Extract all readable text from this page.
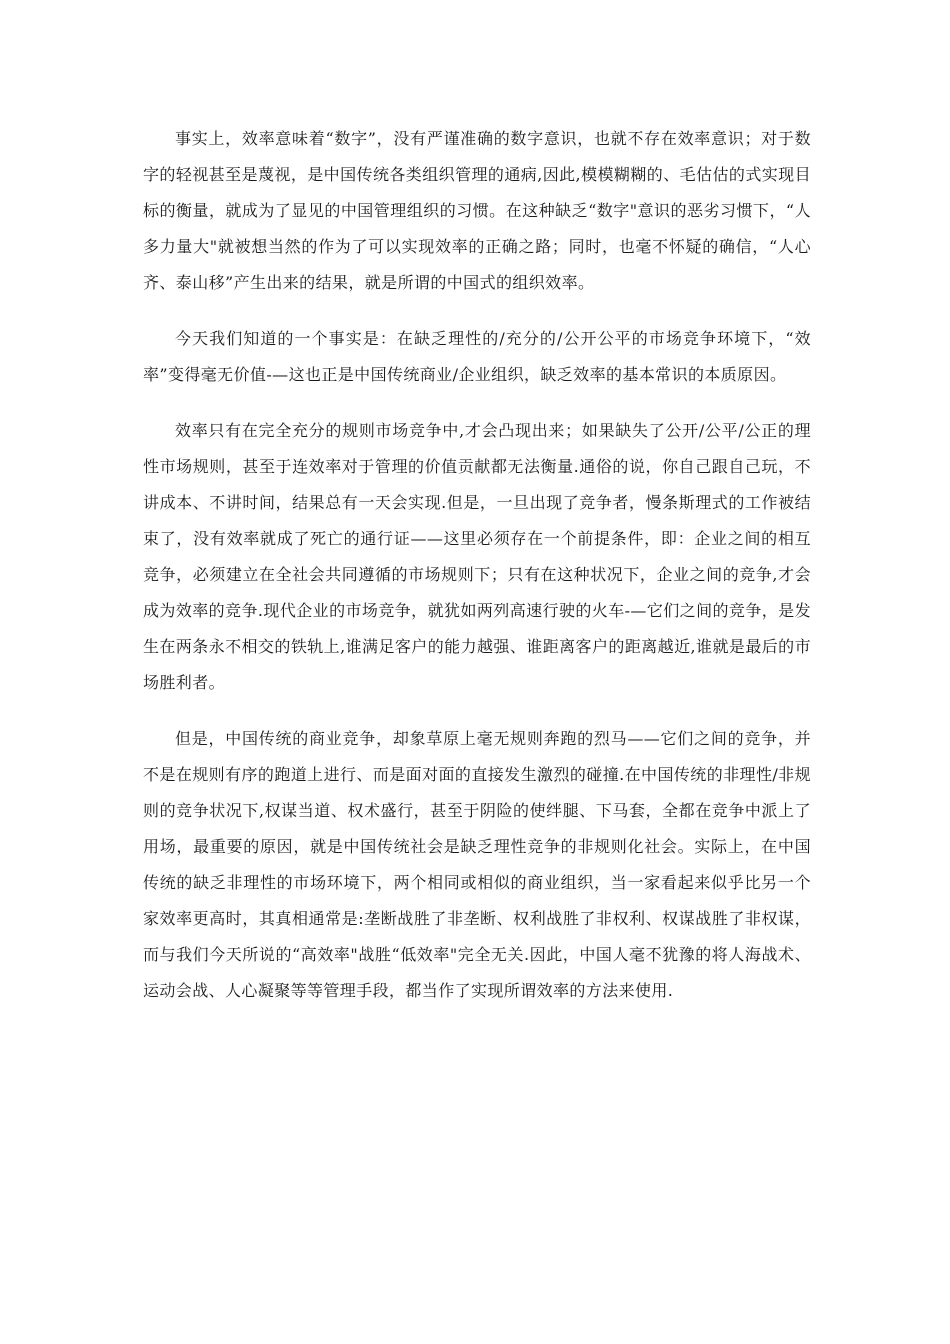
事实上，效率意味着“数字”，没有严谨准确的数字意识，也就不存在效率意识；对于数字的轻视甚至是蔑视，是中国传统各类组织管理的通病,因此,模模糊糊的、毛估估的式实现目标的衡量，就成为了显见的中国管理组织的习惯。在这种缺乏“数字"意识的恶劣习惯下，“人多力量大"就被想当然的作为了可以实现效率的正确之路；同时，也毫不怀疑的确信，“人心齐、泰山移”产生出来的结果，就是所谓的中国式的组织效率。

今天我们知道的一个事实是：在缺乏理性的/充分的/公开公平的市场竞争环境下，“效率”变得毫无价值-—这也正是中国传统商业/企业组织，缺乏效率的基本常识的本质原因。

效率只有在完全充分的规则市场竞争中,才会凸现出来；如果缺失了公开/公平/公正的理性市场规则，甚至于连效率对于管理的价值贡献都无法衡量.通俗的说，你自己跟自己玩，不讲成本、不讲时间，结果总有一天会实现.但是，一旦出现了竞争者，慢条斯理式的工作被结束了，没有效率就成了死亡的通行证——这里必须存在一个前提条件，即：企业之间的相互竞争，必须建立在全社会共同遵循的市场规则下；只有在这种状况下，企业之间的竞争,才会成为效率的竞争.现代企业的市场竞争，就犹如两列高速行驶的火车-—它们之间的竞争，是发生在两条永不相交的铁轨上,谁满足客户的能力越强、谁距离客户的距离越近,谁就是最后的市场胜利者。

但是，中国传统的商业竞争，却象草原上毫无规则奔跑的烈马——它们之间的竞争，并不是在规则有序的跑道上进行、而是面对面的直接发生激烈的碰撞.在中国传统的非理性/非规则的竞争状况下,权谋当道、权术盛行，甚至于阴险的使绊腿、下马套，全都在竞争中派上了用场，最重要的原因，就是中国传统社会是缺乏理性竞争的非规则化社会。实际上，在中国传统的缺乏非理性的市场环境下，两个相同或相似的商业组织，当一家看起来似乎比另一个家效率更高时，其真相通常是:垄断战胜了非垄断、权利战胜了非权利、权谋战胜了非权谋，而与我们今天所说的“高效率"战胜“低效率"完全无关.因此，中国人毫不犹豫的将人海战术、运动会战、人心凝聚等等管理手段，都当作了实现所谓效率的方法来使用.
